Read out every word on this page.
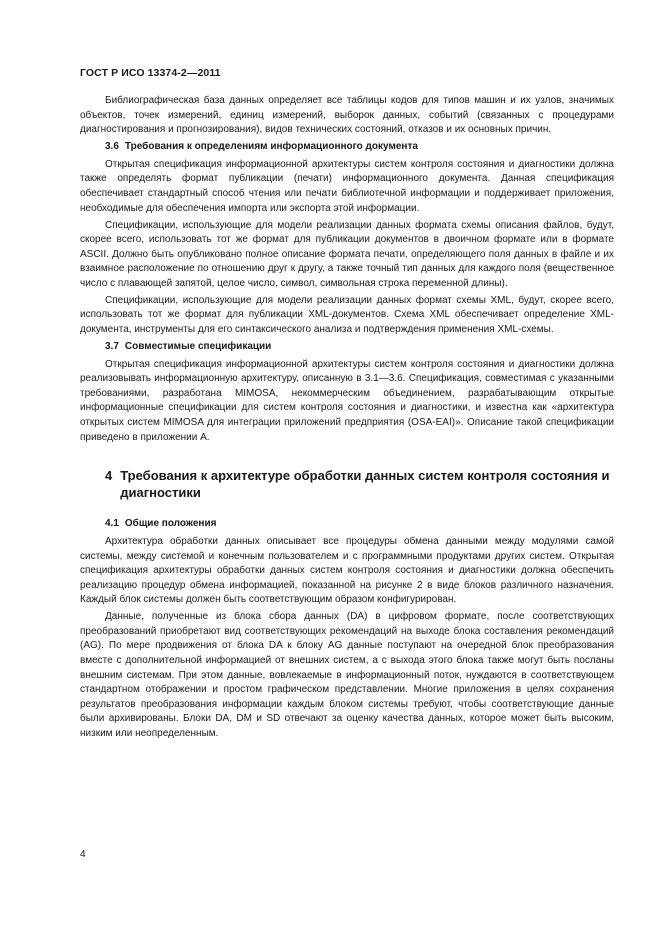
ГОСТ Р ИСО 13374-2—2011

Библиографическая база данных определяет все таблицы кодов для типов машин и их узлов, значимых объектов, точек измерений, единиц измерений, выборок данных, событий (связанных с процедурами диагностирования и прогнозирования), видов технических состояний, отказов и их основных причин.

3.6 Требования к определениям информационного документа

Открытая спецификация информационной архитектуры систем контроля состояния и диагностики должна также определять формат публикации (печати) информационного документа. Данная спецификация обеспечивает стандартный способ чтения или печати библиотечной информации и поддерживает приложения, необходимые для обеспечения импорта или экспорта этой информации.

Спецификации, использующие для модели реализации данных формата схемы описания файлов, будут, скорее всего, использовать тот же формат для публикации документов в двоичном формате или в формате ASCII. Должно быть опубликовано полное описание формата печати, определяющего поля данных в файле и их взаимное расположение по отношению друг к другу, а также точный тип данных для каждого поля (вещественное число с плавающей запятой, целое число, символ, символьная строка переменной длины).

Спецификации, использующие для модели реализации данных формат схемы XML, будут, скорее всего, использовать тот же формат для публикации XML-документов. Схема XML обеспечивает определение XML-документа, инструменты для его синтаксического анализа и подтверждения применения XML-схемы.

3.7 Совместимые спецификации

Открытая спецификация информационной архитектуры систем контроля состояния и диагностики должна реализовывать информационную архитектуру, описанную в 3.1—3.6. Спецификация, совместимая с указанными требованиями, разработана MIMOSA, некоммерческим объединением, разрабатывающим открытые информационные спецификации для систем контроля состояния и диагностики, и известна как «архитектура открытых систем MIMOSA для интеграции приложений предприятия (OSA-EAI)». Описание такой спецификации приведено в приложении А.

4 Требования к архитектуре обработки данных систем контроля состояния и диагностики
4.1 Общие положения

Архитектура обработки данных описывает все процедуры обмена данными между модулями самой системы, между системой и конечным пользователем и с программными продуктами других систем. Открытая спецификация архитектуры обработки данных систем контроля состояния и диагностики должна обеспечить реализацию процедур обмена информацией, показанной на рисунке 2 в виде блоков различного назначения. Каждый блок системы должен быть соответствующим образом конфигурирован.

Данные, полученные из блока сбора данных (DA) в цифровом формате, после соответствующих преобразований приобретают вид соответствующих рекомендаций на выходе блока составления рекомендаций (AG). По мере продвижения от блока DA к блоку AG данные поступают на очередной блок преобразования вместе с дополнительной информацией от внешних систем, а с выхода этого блока также могут быть посланы внешним системам. При этом данные, вовлекаемые в информационный поток, нуждаются в соответствующем стандартном отображении и простом графическом представлении. Многие приложения в целях сохранения результатов преобразования информации каждым блоком системы требуют, чтобы соответствующие данные были архивированы. Блоки DA, DM и SD отвечают за оценку качества данных, которое может быть высоким, низким или неопределенным.

4
